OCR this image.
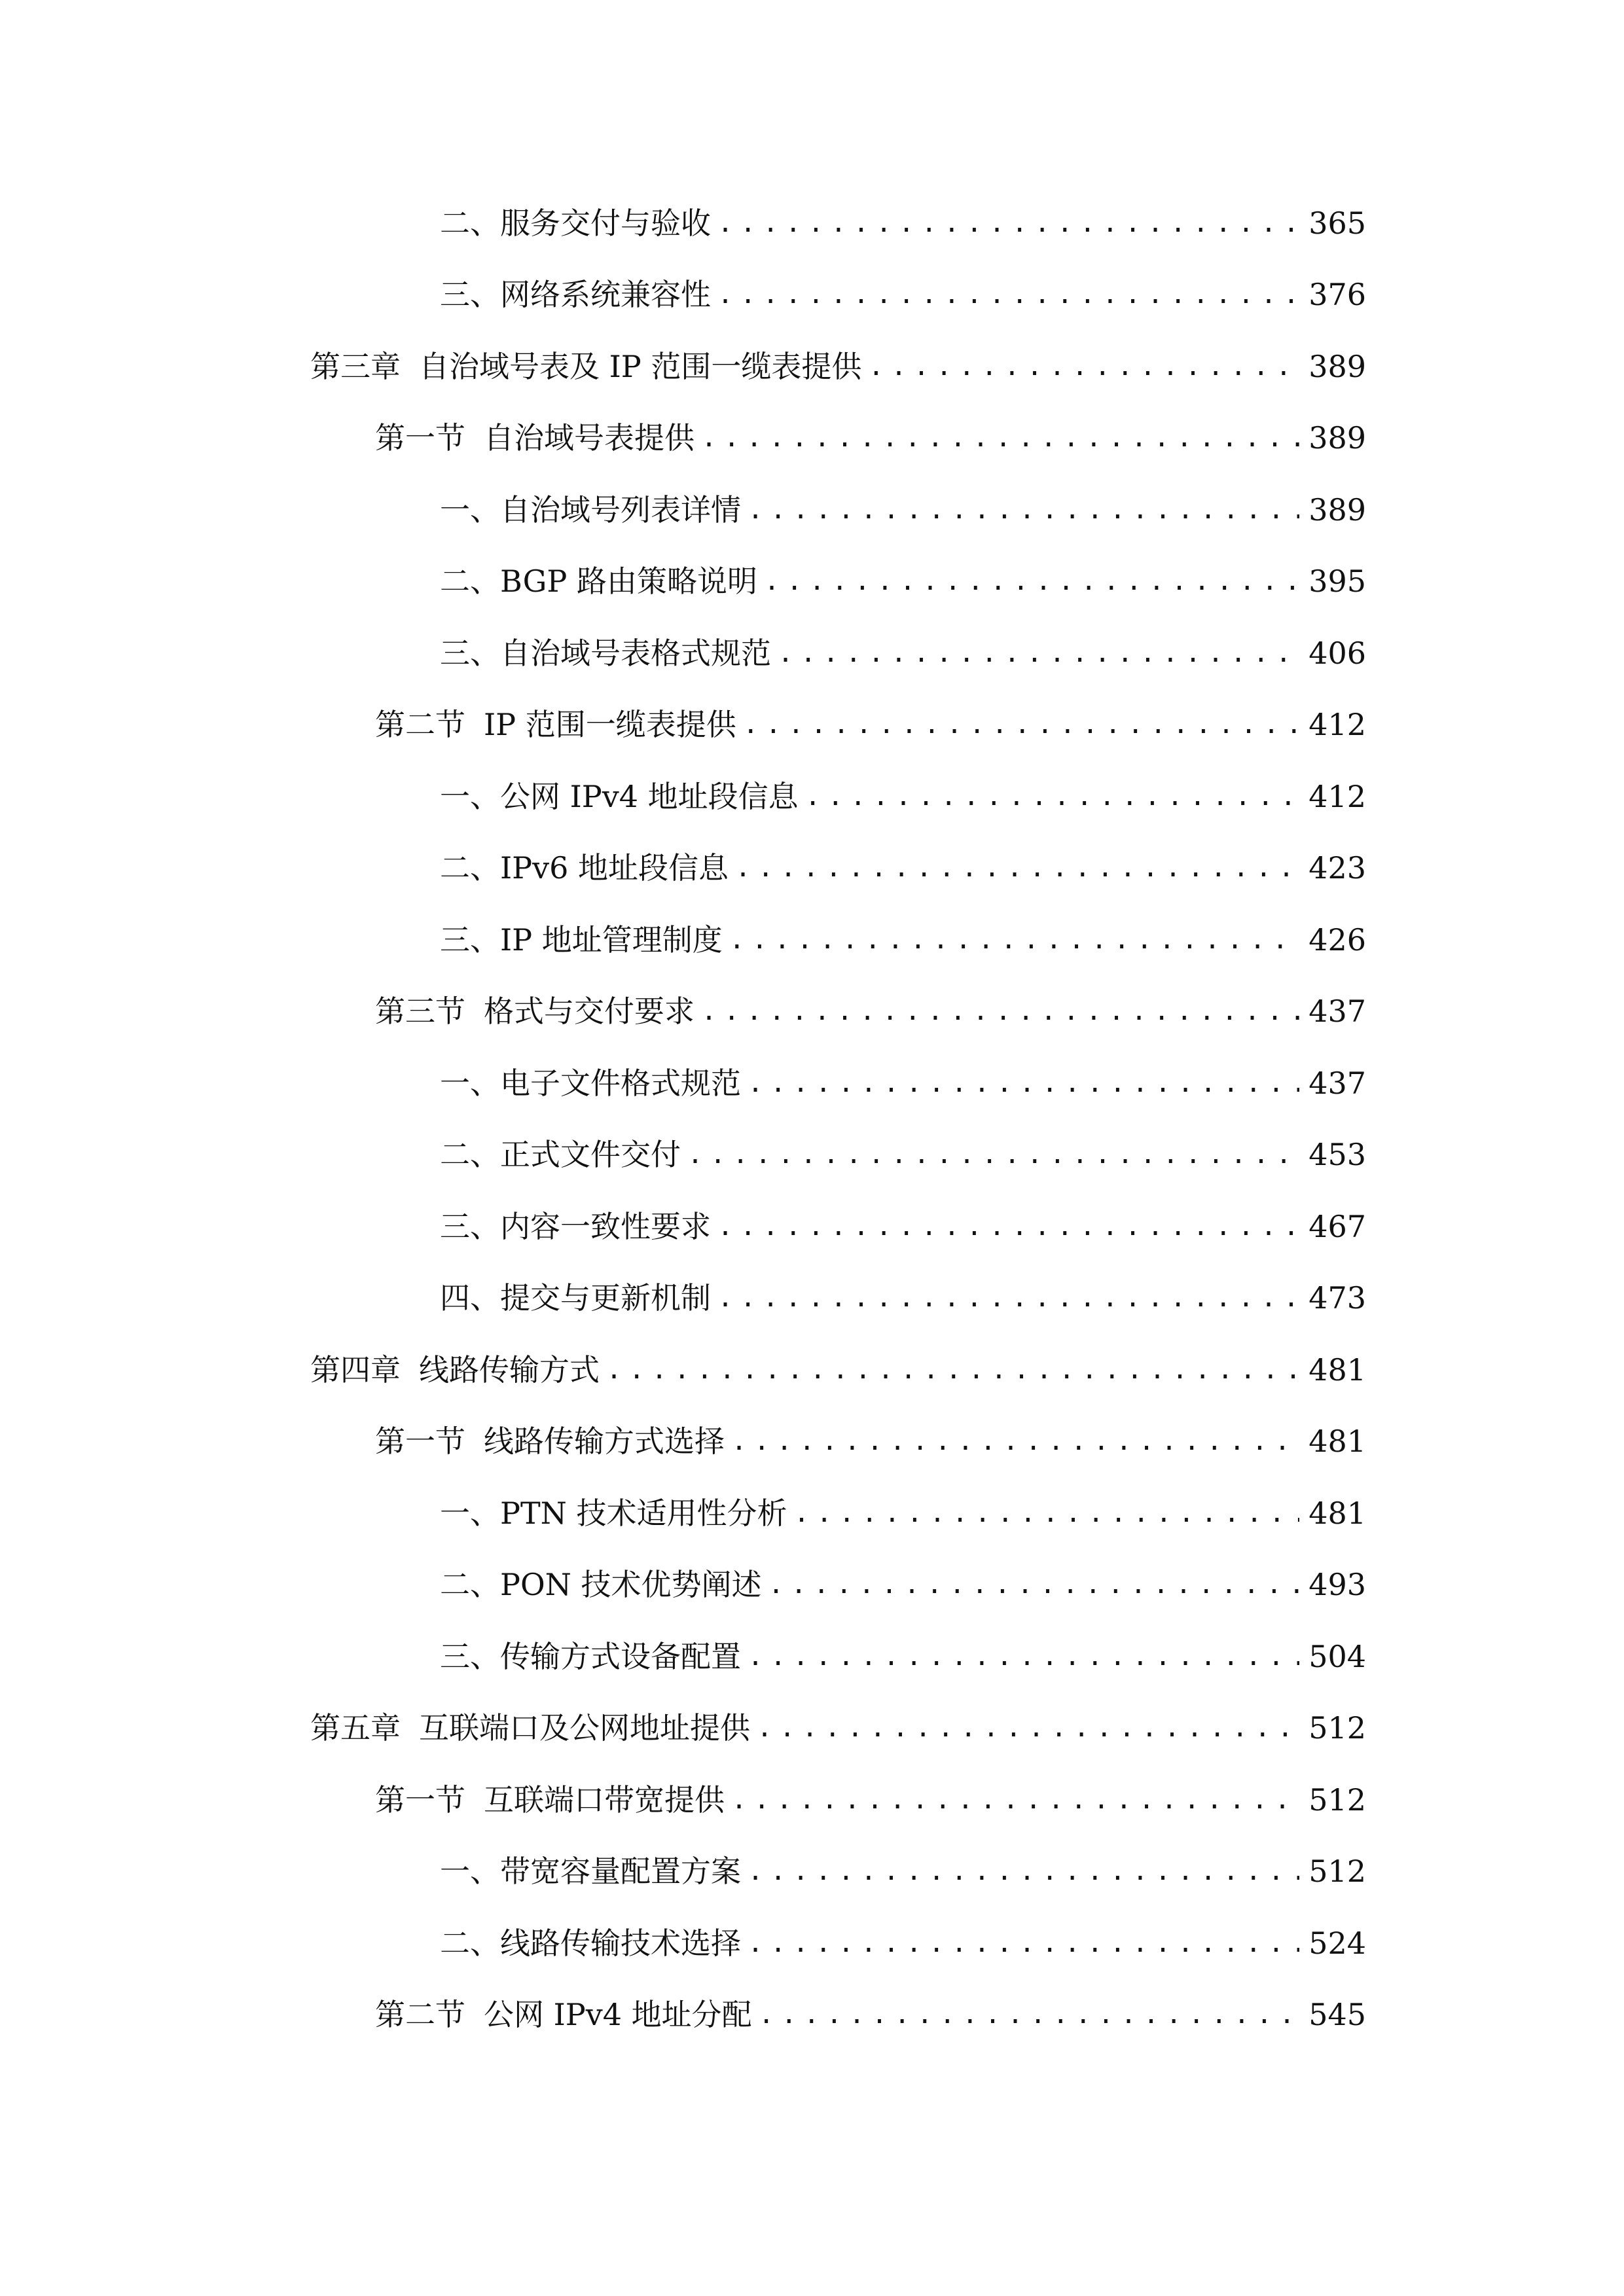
二、 服务交付与验收 .....	365
三、 网络系统兼容性 .....	376
第三章 自治域号表及 IP 范围一缆表提供 .....	389
第一节 自治域号表提供 .....	389
一、 自治域号列表详情 .....	389
二、 BGP 路由策略说明 .....	395
三、 自治域号表格式规范 .....	406
第二节 IP 范围一缆表提供 .....	412
一、 公网 IPv4 地址段信息 .....	412
二、 IPv6 地址段信息 .....	423
三、 IP 地址管理制度 .....	426
第三节 格式与交付要求 .....	437
一、 电子文件格式规范 .....	437
二、 正式文件交付 .....	453
三、 内容一致性要求 .....	467
四、 提交与更新机制 .....	473
第四章 线路传输方式 .....	481
第一节 线路传输方式选择 .....	481
一、 PTN 技术适用性分析 .....	481
二、 PON 技术优势阐述 .....	493
三、 传输方式设备配置 .....	504
第五章 互联端口及公网地址提供 .....	512
第一节 互联端口带宽提供 .....	512
一、 带宽容量配置方案 .....	512
二、 线路传输技术选择 .....	524
第二节 公网 IPv4 地址分配 .....	545
